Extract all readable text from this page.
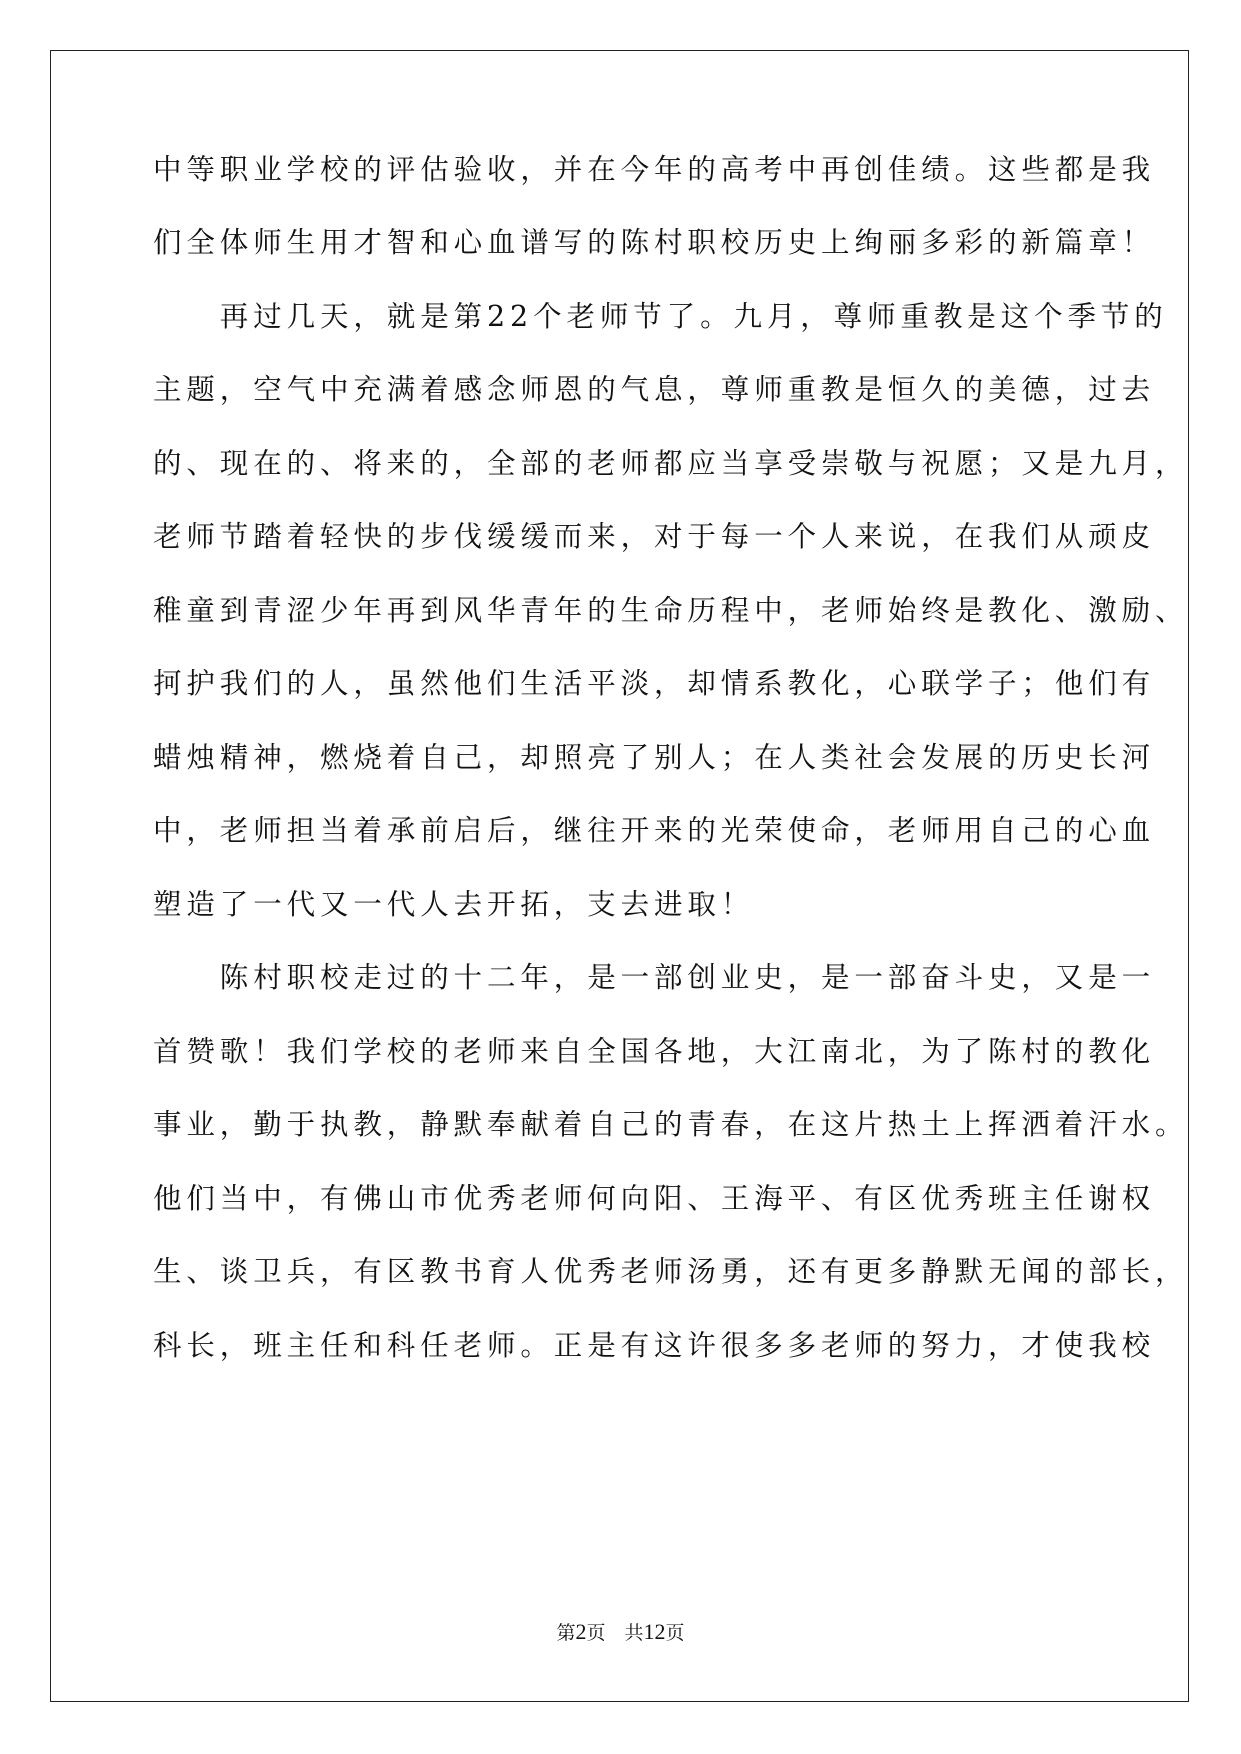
中等职业学校的评估验收，并在今年的高考中再创佳绩。这些都是我
们全体师生用才智和心血谱写的陈村职校历史上绚丽多彩的新篇章！
　　再过几天，就是第22个老师节了。九月，尊师重教是这个季节的
主题，空气中充满着感念师恩的气息，尊师重教是恒久的美德，过去
的、现在的、将来的，全部的老师都应当享受崇敬与祝愿；又是九月，
老师节踏着轻快的步伐缓缓而来，对于每一个人来说，在我们从顽皮
稚童到青涩少年再到风华青年的生命历程中，老师始终是教化、激励、
抲护我们的人，虽然他们生活平淡，却情系教化，心联学子；他们有
蜡烛精神，燃烧着自己，却照亮了别人；在人类社会发展的历史长河
中，老师担当着承前启后，继往开来的光荣使命，老师用自己的心血
塑造了一代又一代人去开拓，支去进取！
　　陈村职校走过的十二年，是一部创业史，是一部奋斗史，又是一
首赞歌！我们学校的老师来自全国各地，大江南北，为了陈村的教化
事业，勤于执教，静默奉献着自己的青春，在这片热土上挥洒着汗水。
他们当中，有佛山市优秀老师何向阳、王海平、有区优秀班主任谢权
生、谈卫兵，有区教书育人优秀老师汤勇，还有更多静默无闻的部长，
科长，班主任和科任老师。正是有这许很多多老师的努力，才使我校
第2页　共12页
